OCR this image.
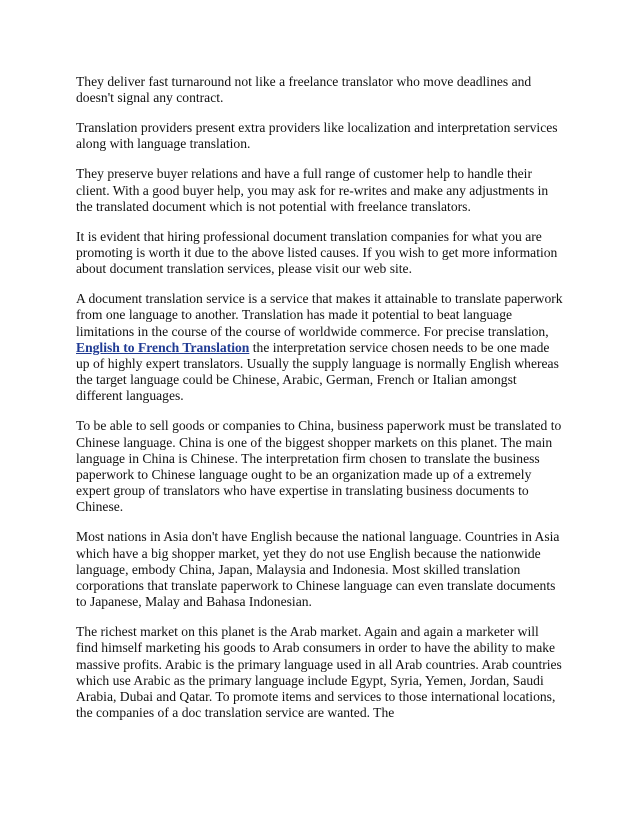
They deliver fast turnaround not like a freelance translator who move deadlines and doesn't signal any contract.

Translation providers present extra providers like localization and interpretation services along with language translation.

They preserve buyer relations and have a full range of customer help to handle their client. With a good buyer help, you may ask for re-writes and make any adjustments in the translated document which is not potential with freelance translators.

It is evident that hiring professional document translation companies for what you are promoting is worth it due to the above listed causes. If you wish to get more information about document translation services, please visit our web site.

A document translation service is a service that makes it attainable to translate paperwork from one language to another. Translation has made it potential to beat language limitations in the course of the course of worldwide commerce. For precise translation, English to French Translation the interpretation service chosen needs to be one made up of highly expert translators. Usually the supply language is normally English whereas the target language could be Chinese, Arabic, German, French or Italian amongst different languages.

To be able to sell goods or companies to China, business paperwork must be translated to Chinese language. China is one of the biggest shopper markets on this planet. The main language in China is Chinese. The interpretation firm chosen to translate the business paperwork to Chinese language ought to be an organization made up of a extremely expert group of translators who have expertise in translating business documents to Chinese.

Most nations in Asia don't have English because the national language. Countries in Asia which have a big shopper market, yet they do not use English because the nationwide language, embody China, Japan, Malaysia and Indonesia. Most skilled translation corporations that translate paperwork to Chinese language can even translate documents to Japanese, Malay and Bahasa Indonesian.

The richest market on this planet is the Arab market. Again and again a marketer will find himself marketing his goods to Arab consumers in order to have the ability to make massive profits. Arabic is the primary language used in all Arab countries. Arab countries which use Arabic as the primary language include Egypt, Syria, Yemen, Jordan, Saudi Arabia, Dubai and Qatar. To promote items and services to those international locations, the companies of a doc translation service are wanted. The
